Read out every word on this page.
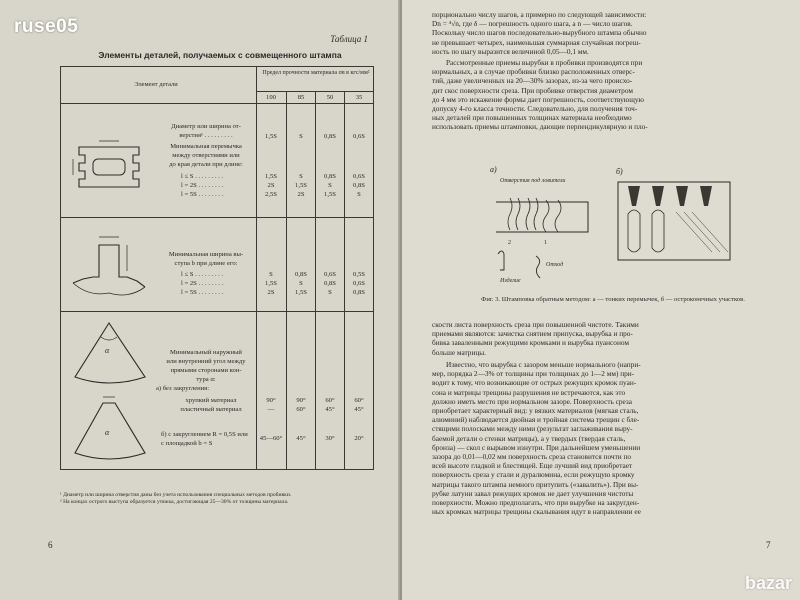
Таблица 1
Элементы деталей, получаемых с совмещенного штампа
Элемент детали
Предел прочности материала σв в кгс/мм²
100	85	50	35
Диаметр или ширина от-
верстия¹ . . . . . . . . .
Минимальная перемычка
между отверстиями или
до края детали при длине:
1,5S	S	0,8S	0,6S
l ≤ S . . . . . . . . .	1,5S	S	0,8S	0,6S
l = 2S . . . . . . . .	2S	1,5S	S	0,8S
l = 5S . . . . . . . .	2,5S	2S	1,5S	S
Минимальная ширина вы-
ступа b при длине его:
l ≤ S . . . . . . . . .	S	0,8S	0,6S	0,5S
l = 2S . . . . . . . .	1,5S	S	0,8S	0,6S
l = 5S . . . . . . . .	2S	1,5S	S	0,8S
α
α
Минимальный наружный
или внутренний угол между
прямыми сторонами кон-
тура α:
а) без закругления:
хрупкий материал	90°	90°	60°	60°
пластичный материал	—	60°	45°	45°
б) с закруглением R = 0,5S или с площадкой b = S
45—60°	45°	30°	20°
¹ Диаметр или ширина отверстия даны без учета использования специальных методов пробивки.
² На концах острого выступа образуется утяжка, достигающая 25—30% от толщины материала.
6
порционально числу шагов, а примерно по следующей зависимости:
Dn = ⁴√n, где δ — погрешность одного шага, а n — число шагов.
Поскольку число шагов последовательно-вырубного штампа обычно
не превышает четырех, наименьшая суммарная случайная погреш-
ность по шагу выразится величиной 0,05—0,1 мм.
Рассмотренные приемы вырубки в пробивки производятся при
нормальных, а в случае пробивки близко расположенных отверс-
тий, даже увеличенных на 20—30% зазорах, из-за чего происхо-
дит скос поверхности среза. При пробивке отверстия диаметром
до 4 мм это искажение формы дает погрешность, соответствующую
допуску 4-го класса точности. Следовательно, для получения точ-
ных деталей при повышенных толщинах материала необходимо
использовать приемы штамповки, дающие перпендикулярную и пло-
а)	б)
Отверстия под ловители
2	1
Отход
Изделие
Фиг. 3. Штамповка обратным методом: а — тонких перемычек, б — остроконечных участков.
скости листа поверхность среза при повышенной чистоте. Такими
приемами являются: зачистка снятием припуска, вырубка и про-
бивка заваленными режущими кромками и вырубка пуансоном
больше матрицы.
Известно, что вырубка с зазором меньше нормального (напри-
мер, порядка 2—3% от толщины при толщинах до 1—2 мм) при-
водит к тому, что возникающие от острых режущих кромок пуан-
сона и матрицы трещины разрушения не встречаются, как это
должно иметь место при нормальном зазоре. Поверхность среза
приобретает характерный вид: у вязких материалов (мягкая сталь,
алюминий) наблюдается двойная и тройная система трещин с бле-
стящими полосками между ними (результат заглаживания выру-
баемой детали о стенки матрицы), а у твердых (твердая сталь,
бронза) — скол с вырывом изнутри. При дальнейшем уменьшении
зазора до 0,01—0,02 мм поверхность среза становится почти по
всей высоте гладкой и блестящей. Еще лучший вид приобретает
поверхность среза у стали и дуралюмина, если режущую кромку
матрицы такого штампа немного притупить («завалить»). При вы-
рубке латуни завал режущих кромок не дает улучшения чистоты
поверхности. Можно предполагать, что при вырубке на закругден-
ных кромках матрицы трещины скалывания идут в направлении ее
7
ruse05
bazar
